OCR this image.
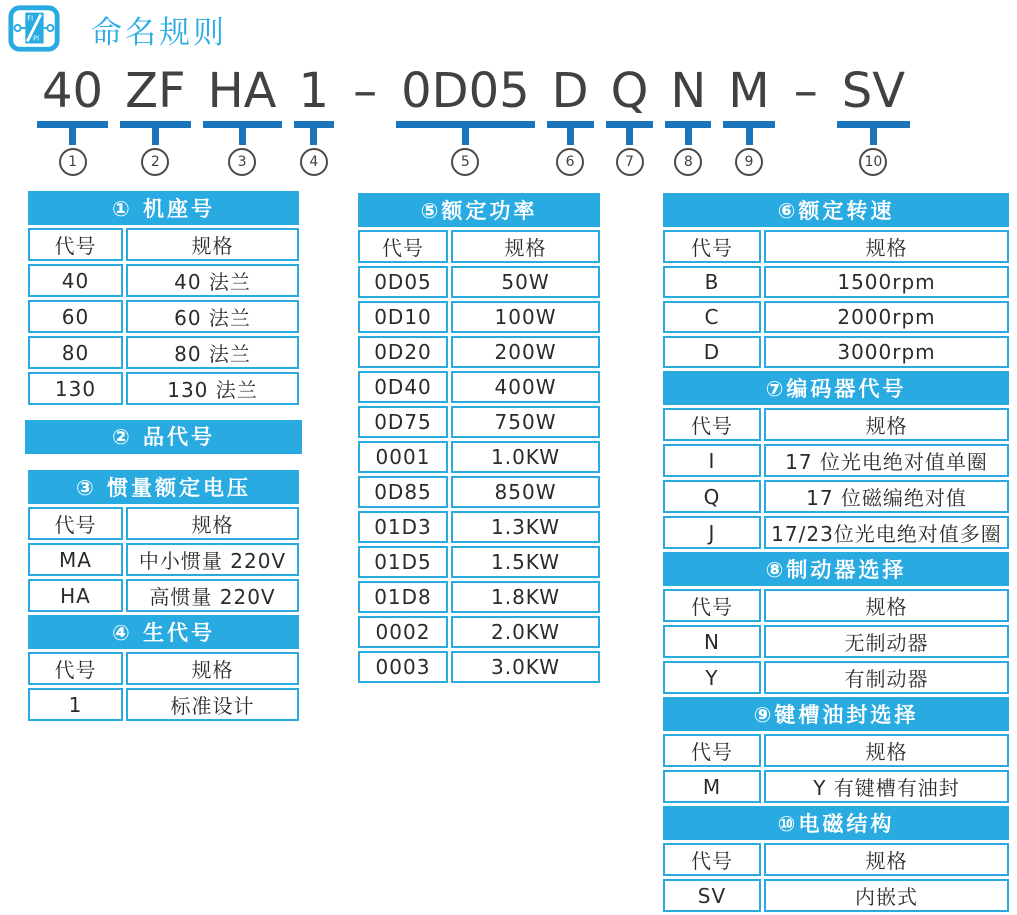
FI
PI 命名规则
40
1
ZF
2
HA
3
1
4
– 0D05
5
D
6
Q
7
N
8
M
9
– SV
10
① 机座号	
代号	规格
40	40 法兰
60	60 法兰
80	80 法兰
130	130 法兰
② 品代号
③ 惯量额定电压	
代号	规格
MA	中小惯量 220V
HA	高惯量 220V
④ 生代号	
代号	规格
1	标准设计
⑤额定功率	
代号	规格
0D05	50W
0D10	100W
0D20	200W
0D40	400W
0D75	750W
0001	1.0KW
0D85	850W
01D3	1.3KW
01D5	1.5KW
01D8	1.8KW
0002	2.0KW
0003	3.0KW
⑥额定转速	
代号	规格
B	1500rpm
C	2000rpm
D	3000rpm
⑦编码器代号	
代号	规格
I	17 位光电绝对值单圈
Q	17 位磁编绝对值
J	17/23位光电绝对值多圈
⑧制动器选择	
代号	规格
N	无制动器
Y	有制动器
⑨键槽油封选择	
代号	规格
M	Y 有键槽有油封
⑩电磁结构	
代号	规格
SV	内嵌式
